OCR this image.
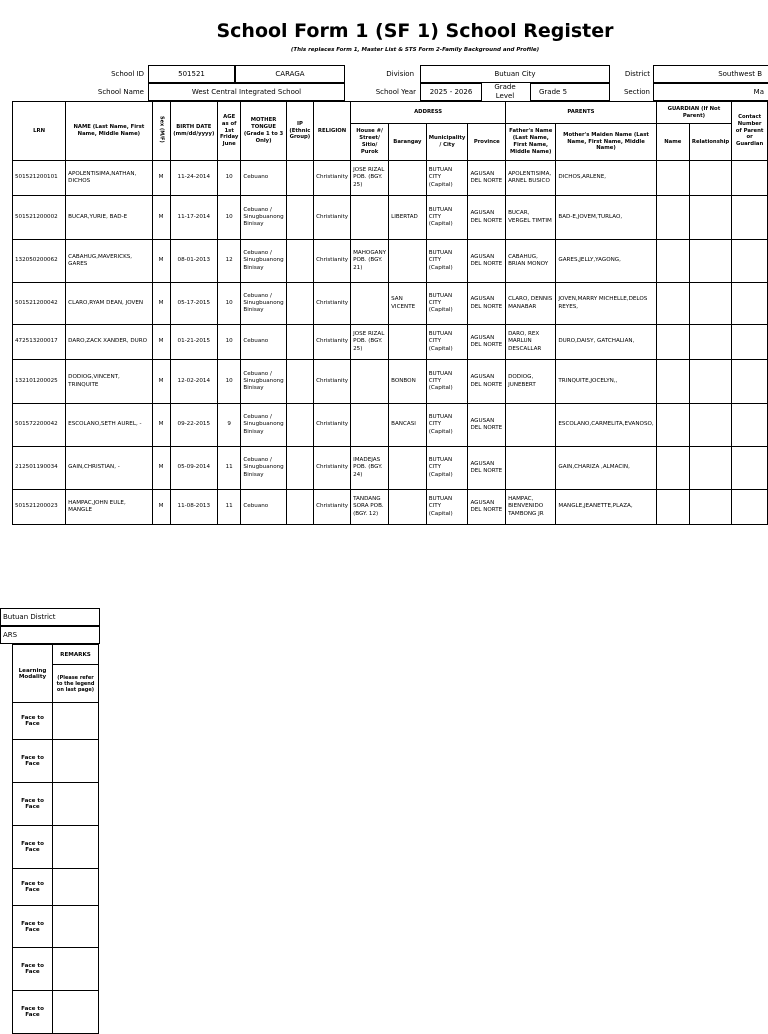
School Form 1 (SF 1) School Register
(This replaces Form 1, Master List & STS Form 2-Family Background and Profile)
School ID	501521	CARAGA	Division	Butuan City	District	Southwest B
School Name	West Central Integrated School	School Year	2025 - 2026
Grade Level	Grade 5	Section	Ma
LRN	NAME (Last Name, First Name, Middle Name)	Sex (M/F)	BIRTH DATE (mm/dd/yyyy)	AGE as of 1st Friday June	MOTHER TONGUE (Grade 1 to 3 Only)	IP (Ethnic Group)	RELIGION	ADDRESS				PARENTS		GUARDIAN (If Not Parent)		Contact Number of Parent or Guardian
								House #/ Street/ Sitio/ Purok	Barangay	Municipality / City	Province	Father's Name (Last Name, First Name, Middle Name)	Mother's Maiden Name (Last Name, First Name, Middle Name)	Name	Relationship	
501521200101	APOLENTISIMA,NATHAN, DICHOS	M	11-24-2014	10	Cebuano		Christianity	JOSE RIZAL POB. (BGY. 25)		BUTUAN CITY (Capital)	AGUSAN DEL NORTE	APOLENTISIMA, ARNEL BUSICO	DICHOS,ARLENE,			
501521200002	BUCAR,YURIE, BAD-E	M	11-17-2014	10	Cebuano / Sinugbuanong Binisay		Christianity		LIBERTAD	BUTUAN CITY (Capital)	AGUSAN DEL NORTE	BUCAR, VERGEL TIMTIM	BAD-E,JOVEM,TURLAO,			
132050200062	CABAHUG,MAVERICKS, GARES	M	08-01-2013	12	Cebuano / Sinugbuanong Binisay		Christianity	MAHOGANY POB. (BGY. 21)		BUTUAN CITY (Capital)	AGUSAN DEL NORTE	CABAHUG, BRIAN MONOY	GARES,JELLY,YAGONG,			
501521200042	CLARO,RYAM DEAN, JOVEN	M	05-17-2015	10	Cebuano / Sinugbuanong Binisay		Christianity		SAN VICENTE	BUTUAN CITY (Capital)	AGUSAN DEL NORTE	CLARO, DENNIS MANABAR	JOVEN,MARRY MICHELLE,DELOS REYES,			
472513200017	DARO,ZACK XANDER, DURO	M	01-21-2015	10	Cebuano		Christianity	JOSE RIZAL POB. (BGY. 25)		BUTUAN CITY (Capital)	AGUSAN DEL NORTE	DARO, REX MARLUN DESCALLAR	DURO,DAISY, GATCHALIAN,			
132101200025	DODIOG,VINCENT, TRINQUITE	M	12-02-2014	10	Cebuano / Sinugbuanong Binisay		Christianity		BONBON	BUTUAN CITY (Capital)	AGUSAN DEL NORTE	DODIOG, JUNEBERT	TRINQUITE,JOCELYN,,			
501572200042	ESCOLANO,SETH AUREL, -	M	09-22-2015	9	Cebuano / Sinugbuanong Binisay		Christianity		BANCASI	BUTUAN CITY (Capital)	AGUSAN DEL NORTE		ESCOLANO,CARMELITA,EVANOSO,			
212501190034	GAIN,CHRISTIAN, -	M	05-09-2014	11	Cebuano / Sinugbuanong Binisay		Christianity	IMADEJAS POB. (BGY. 24)		BUTUAN CITY (Capital)	AGUSAN DEL NORTE		GAIN,CHARIZA ,ALMACIN,			
501521200023	HAMPAC,JOHN EULE, MANGLE	M	11-08-2013	11	Cebuano		Christianity	TANDANG SORA POB. (BGY. 12)		BUTUAN CITY (Capital)	AGUSAN DEL NORTE	HAMPAC, BIENVENIDO TAMBONG JR	MANGLE,JEANETTE,PLAZA,			
Butuan District
ARS
Learning Modality	REMARKS
	(Please refer to the legend on last page)
Face to Face	
Face to Face	
Face to Face	
Face to Face	
Face to Face	
Face to Face	
Face to Face	
Face to Face	
